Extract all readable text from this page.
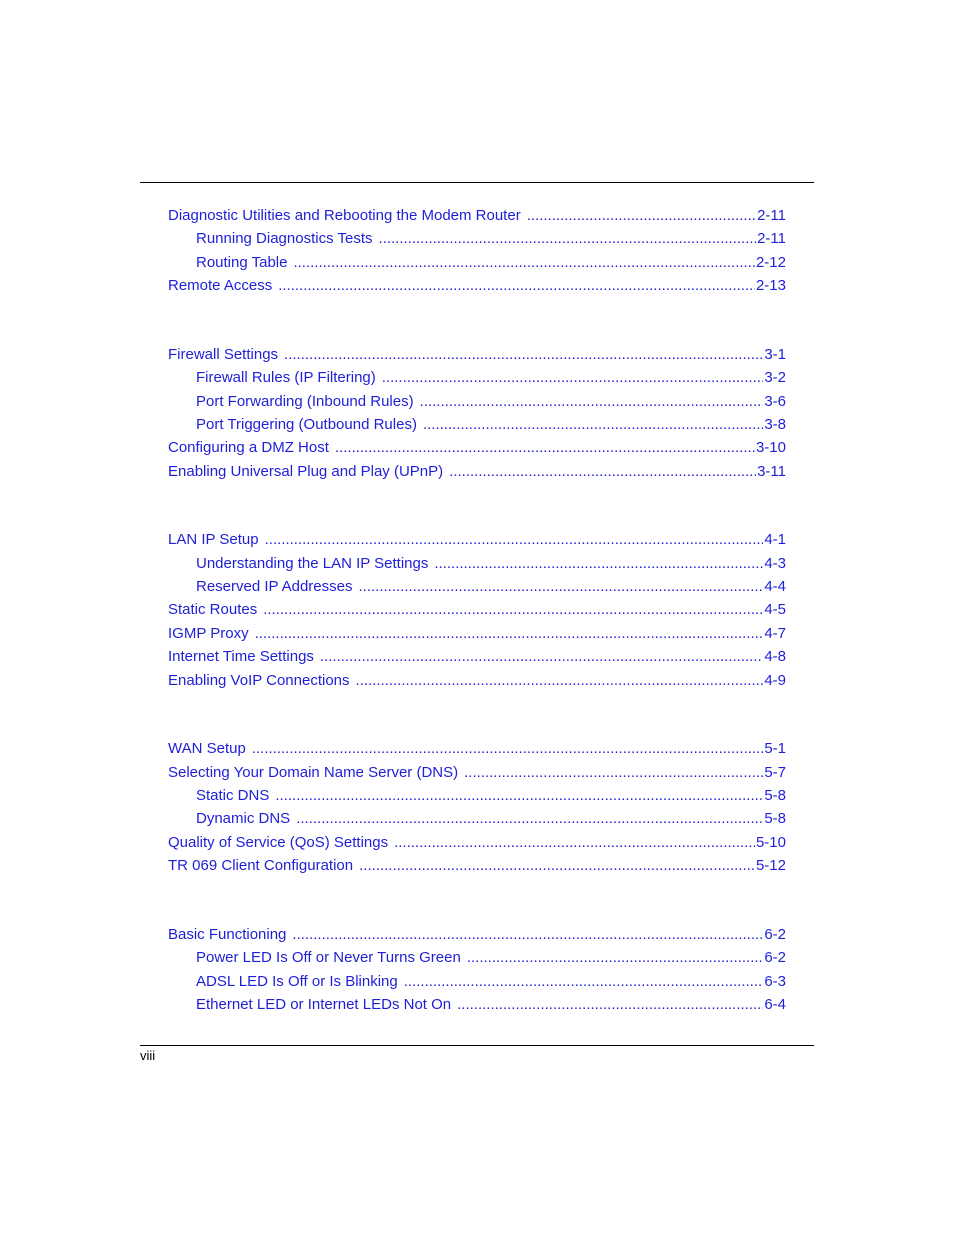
Diagnostic Utilities and Rebooting the Modem Router .....	2-11
Running Diagnostics Tests .....	2-11
Routing Table .....	2-12
Remote Access .....	2-13
Firewall Settings .....	3-1
Firewall Rules (IP Filtering) .....	3-2
Port Forwarding (Inbound Rules) .....	3-6
Port Triggering (Outbound Rules) .....	3-8
Configuring a DMZ Host .....	3-10
Enabling Universal Plug and Play (UPnP) .....	3-11
LAN IP Setup .....	4-1
Understanding the LAN IP Settings .....	4-3
Reserved IP Addresses .....	4-4
Static Routes .....	4-5
IGMP Proxy .....	4-7
Internet Time Settings .....	4-8
Enabling VoIP Connections .....	4-9
WAN Setup .....	5-1
Selecting Your Domain Name Server (DNS) .....	5-7
Static DNS .....	5-8
Dynamic DNS .....	5-8
Quality of Service (QoS) Settings .....	5-10
TR 069 Client Configuration .....	5-12
Basic Functioning .....	6-2
Power LED Is Off or Never Turns Green .....	6-2
ADSL LED Is Off or Is Blinking .....	6-3
Ethernet LED or Internet LEDs Not On .....	6-4
viii
